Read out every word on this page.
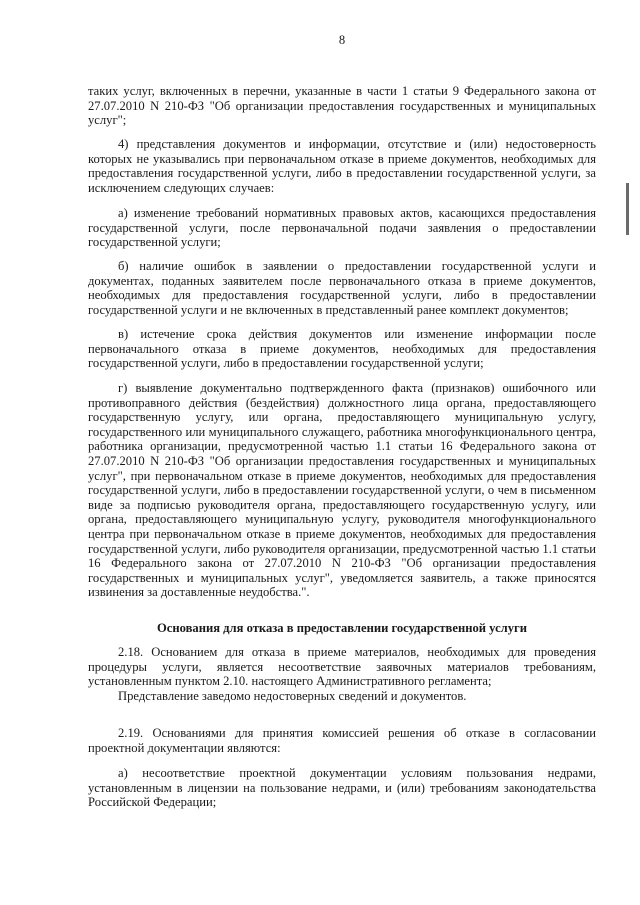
8

таких услуг, включенных в перечни, указанные в части 1 статьи 9 Федерального закона от 27.07.2010 N 210-ФЗ "Об организации предоставления государственных и муниципальных услуг";

4) представления документов и информации, отсутствие и (или) недостоверность которых не указывались при первоначальном отказе в приеме документов, необходимых для предоставления государственной услуги, либо в предоставлении государственной услуги, за исключением следующих случаев:

а) изменение требований нормативных правовых актов, касающихся предоставления государственной услуги, после первоначальной подачи заявления о предоставлении государственной услуги;

б) наличие ошибок в заявлении о предоставлении государственной услуги и документах, поданных заявителем после первоначального отказа в приеме документов, необходимых для предоставления государственной услуги, либо в предоставлении государственной услуги и не включенных в представленный ранее комплект документов;

в) истечение срока действия документов или изменение информации после первоначального отказа в приеме документов, необходимых для предоставления государственной услуги, либо в предоставлении государственной услуги;

г) выявление документально подтвержденного факта (признаков) ошибочного или противоправного действия (бездействия) должностного лица органа, предоставляющего государственную услугу, или органа, предоставляющего муниципальную услугу, государственного или муниципального служащего, работника многофункционального центра, работника организации, предусмотренной частью 1.1 статьи 16 Федерального закона от 27.07.2010 N 210-ФЗ "Об организации предоставления государственных и муниципальных услуг", при первоначальном отказе в приеме документов, необходимых для предоставления государственной услуги, либо в предоставлении государственной услуги, о чем в письменном виде за подписью руководителя органа, предоставляющего государственную услугу, или органа, предоставляющего муниципальную услугу, руководителя многофункционального центра при первоначальном отказе в приеме документов, необходимых для предоставления государственной услуги, либо руководителя организации, предусмотренной частью 1.1 статьи 16 Федерального закона от 27.07.2010 N 210-ФЗ "Об организации предоставления государственных и муниципальных услуг", уведомляется заявитель, а также приносятся извинения за доставленные неудобства.".

Основания для отказа в предоставлении государственной услуги

2.18. Основанием для отказа в приеме материалов, необходимых для проведения процедуры услуги, является несоответствие заявочных материалов требованиям, установленным пунктом 2.10. настоящего Административного регламента;

Представление заведомо недостоверных сведений и документов.

2.19. Основаниями для принятия комиссией решения об отказе в согласовании проектной документации являются:

а) несоответствие проектной документации условиям пользования недрами, установленным в лицензии на пользование недрами, и (или) требованиям законодательства Российской Федерации;
